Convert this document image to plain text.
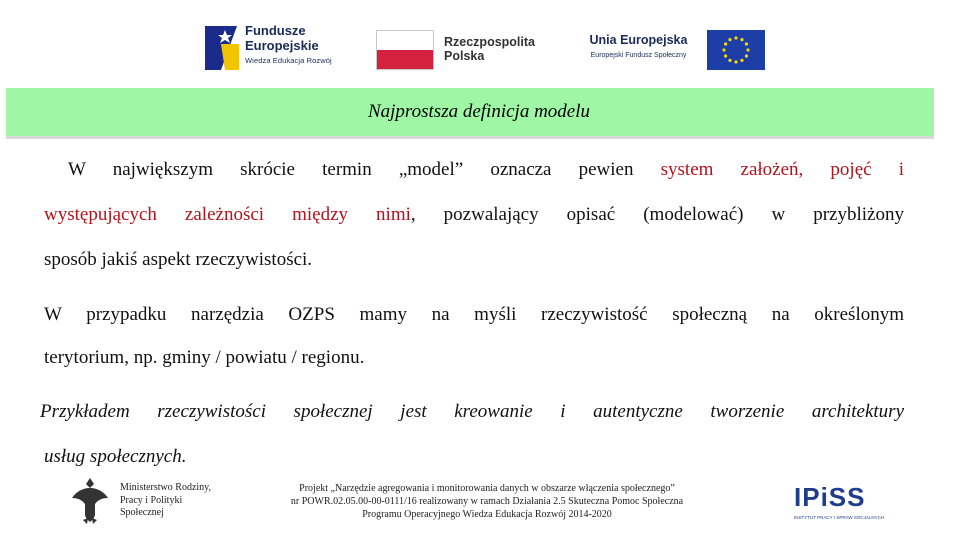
Fundusze
Europejskie
Wiedza Edukacja Rozwój
Rzeczpospolita
Polska
Unia Europejska
Europejski Fundusz Społeczny
Najprostsza definicja modelu
W największym skrócie termin „model” oznacza pewien system założeń, pojęć i
występujących zależności między nimi, pozwalający opisać (modelować) w przybliżony
sposób jakiś aspekt rzeczywistości.
W przypadku narzędzia OZPS mamy na myśli rzeczywistość społeczną na określonym
terytorium, np. gminy / powiatu / regionu.
Przykładem rzeczywistości społecznej jest kreowanie i autentyczne tworzenie architektury
usług społecznych.
Ministerstwo Rodziny,
Pracy i Polityki Społecznej
Projekt „Narzędzie agregowania i monitorowania danych w obszarze włączenia społecznego”
nr POWR.02.05.00-00-0111/16 realizowany w ramach Działania 2.5 Skuteczna Pomoc Społeczna
Programu Operacyjnego Wiedza Edukacja Rozwój 2014-2020
IPiSS
INSTYTUT PRACY I SPRAW SOCJALNYCH
